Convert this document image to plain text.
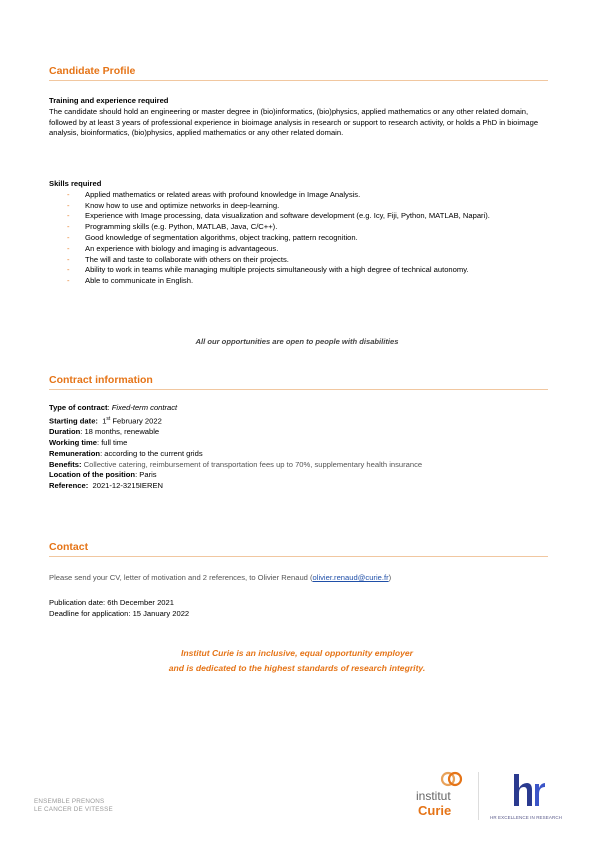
Candidate Profile
Training and experience required
The candidate should hold an engineering or master degree in (bio)informatics, (bio)physics, applied mathematics or any other related domain, followed by at least 3 years of professional experience in bioimage analysis in research or support to research activity, or holds a PhD in bioimage analysis, bioinformatics, (bio)physics, applied mathematics or any other related domain.
Skills required
- Applied mathematics or related areas with profound knowledge in Image Analysis.
- Know how to use and optimize networks in deep-learning.
- Experience with Image processing, data visualization and software development (e.g. Icy, Fiji, Python, MATLAB, Napari).
- Programming skills (e.g. Python, MATLAB, Java, C/C++).
- Good knowledge of segmentation algorithms, object tracking, pattern recognition.
- An experience with biology and imaging is advantageous.
- The will and taste to collaborate with others on their projects.
- Ability to work in teams while managing multiple projects simultaneously with a high degree of technical autonomy.
- Able to communicate in English.
All our opportunities are open to people with disabilities
Contract information
Type of contract: Fixed-term contract
Starting date: 1st February 2022
Duration: 18 months, renewable
Working time: full time
Remuneration: according to the current grids
Benefits: Collective catering, reimbursement of transportation fees up to 70%, supplementary health insurance
Location of the position: Paris
Reference: 2021-12-3215IEREN
Contact
Please send your CV, letter of motivation and 2 references, to Olivier Renaud (olivier.renaud@curie.fr)
Publication date: 6th December 2021
Deadline for application: 15 January 2022
Institut Curie is an inclusive, equal opportunity employer
and is dedicated to the highest standards of research integrity.
ENSEMBLE PRENONS
LE CANCER DE VITESSE
institut
Curie	HR EXCELLENCE IN RESEARCH
